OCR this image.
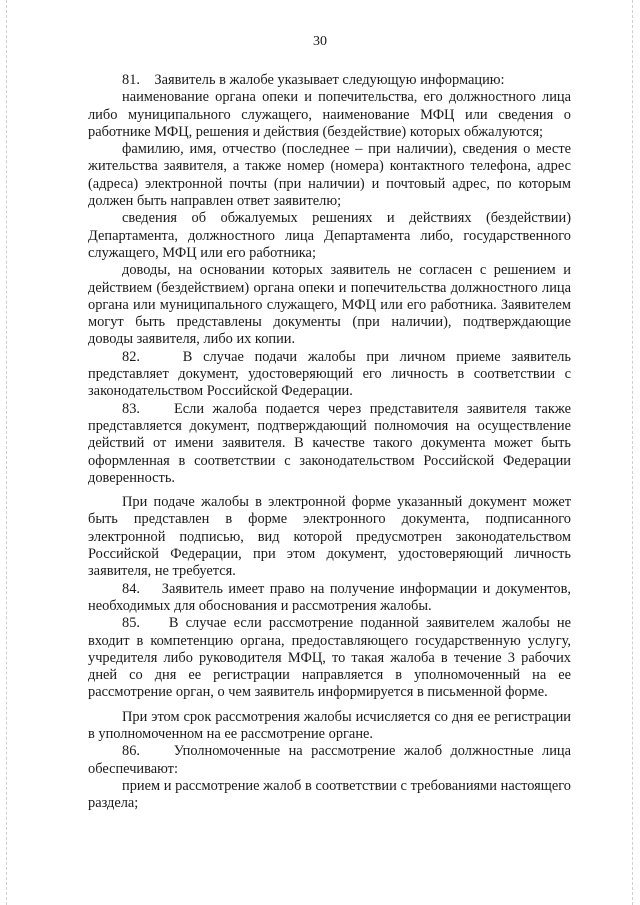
30

81.    Заявитель в жалобе указывает следующую информацию:

наименование органа опеки и попечительства, его должностного лица либо муниципального служащего, наименование МФЦ или сведения о работнике МФЦ, решения и действия (бездействие) которых обжалуются;

фамилию, имя, отчество (последнее – при наличии), сведения о месте жительства заявителя, а также номер (номера) контактного телефона, адрес (адреса) электронной почты (при наличии) и почтовый адрес, по которым должен быть направлен ответ заявителю;

сведения об обжалуемых решениях и действиях (бездействии) Департамента, должностного лица Департамента либо, государственного служащего, МФЦ или его работника;

доводы, на основании которых заявитель не согласен с решением и действием (бездействием) органа опеки и попечительства должностного лица органа или муниципального служащего, МФЦ или его работника. Заявителем могут быть представлены документы (при наличии), подтверждающие доводы заявителя, либо их копии.

82.    В случае подачи жалобы при личном приеме заявитель представляет документ, удостоверяющий его личность в соответствии с законодательством Российской Федерации.

83.    Если жалоба подается через представителя заявителя также представляется документ, подтверждающий полномочия на осуществление действий от имени заявителя. В качестве такого документа может быть оформленная в соответствии с законодательством Российской Федерации доверенность.

При подаче жалобы в электронной форме указанный документ может быть представлен в форме электронного документа, подписанного электронной подписью, вид которой предусмотрен законодательством Российской Федерации, при этом документ, удостоверяющий личность заявителя, не требуется.

84.    Заявитель имеет право на получение информации и документов, необходимых для обоснования и рассмотрения жалобы.

85.    В случае если рассмотрение поданной заявителем жалобы не входит в компетенцию органа, предоставляющего государственную услугу, учредителя либо руководителя МФЦ, то такая жалоба в течение 3 рабочих дней со дня ее регистрации направляется в уполномоченный на ее рассмотрение орган, о чем заявитель информируется в письменной форме.

При этом срок рассмотрения жалобы исчисляется со дня ее регистрации в уполномоченном на ее рассмотрение органе.

86.    Уполномоченные на рассмотрение жалоб должностные лица обеспечивают:

прием и рассмотрение жалоб в соответствии с требованиями настоящего раздела;
